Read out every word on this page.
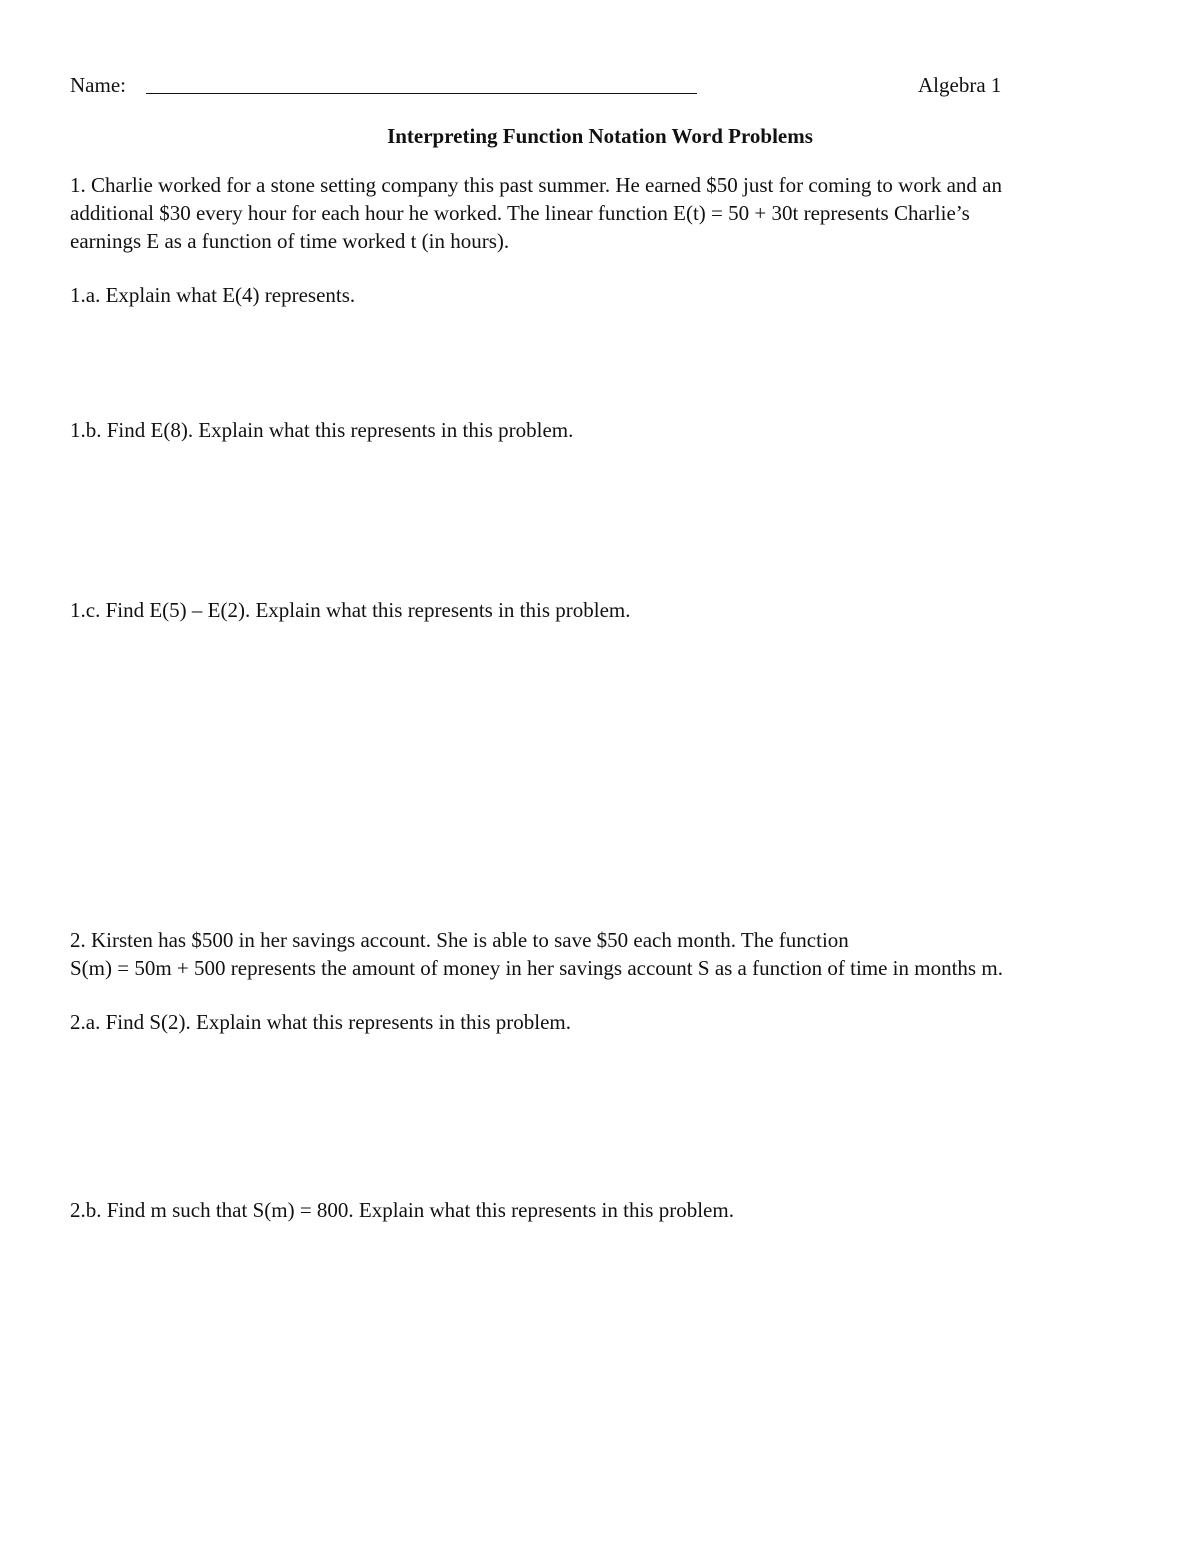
Name:	Algebra 1

Interpreting Function Notation Word Problems

1. Charlie worked for a stone setting company this past summer. He earned $50 just for coming to work and an

additional $30 every hour for each hour he worked. The linear function E(t) = 50 + 30t represents Charlie’s

earnings E as a function of time worked t (in hours).

1.a. Explain what E(4) represents.

1.b. Find E(8). Explain what this represents in this problem.

1.c. Find E(5) – E(2). Explain what this represents in this problem.

2. Kirsten has $500 in her savings account. She is able to save $50 each month. The function

S(m) = 50m + 500 represents the amount of money in her savings account S as a function of time in months m.

2.a. Find S(2). Explain what this represents in this problem.

2.b. Find m such that S(m) = 800. Explain what this represents in this problem.
